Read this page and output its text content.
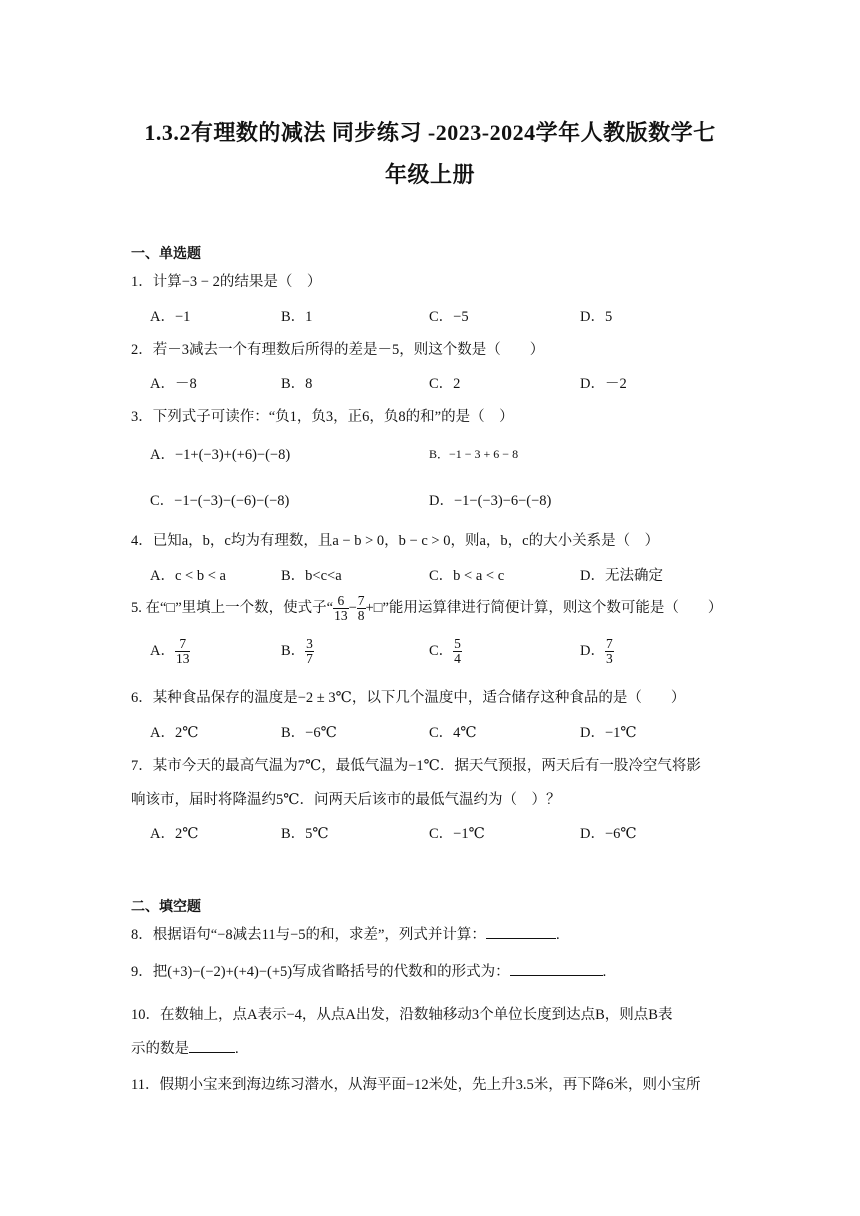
1.3.2有理数的减法 同步练习 -2023-2024学年人教版数学七
年级上册
一、单选题
1．计算−3 − 2的结果是（　）
A．−1	B．1	C．−5	D．5
2．若－3减去一个有理数后所得的差是－5，则这个数是（　　）
A．－8	B．8	C．2	D．－2
3．下列式子可读作：“负1，负3，正6，负8的和”的是（　）
A．−1+(−3)+(+6)−(−8)	B．−1 − 3 + 6 − 8
C．−1−(−3)−(−6)−(−8)	D．−1−(−3)−6−(−8)
4．已知a，b，c均为有理数，且a − b > 0，b − c > 0，则a，b，c的大小关系是（　）
A．c < b < a	B．b<c<a	C．b < a < c	D．无法确定
5. 在“□”里填上一个数，使式子“ $\frac{6}{13} - \frac{7}{8}$ +□”能用运算律进行简便计算，则这个数可能是（　　）
A． $\frac{7}{13}$	B． $\frac{3}{7}$	C． $\frac{5}{4}$	D． $\frac{7}{3}$
6．某种食品保存的温度是−2 ± 3℃，以下几个温度中，适合储存这种食品的是（　　）
A．2℃	B．−6℃	C．4℃	D．−1℃
7．某市今天的最高气温为7℃，最低气温为−1℃．据天气预报，两天后有一股冷空气将影
响该市，届时将降温约5℃．问两天后该市的最低气温约为（　）？
A．2℃	B．5℃	C．−1℃	D．−6℃
二、填空题
8．根据语句“−8减去11与−5的和，求差”，列式并计算：	.
9．把(+3)−(−2)+(+4)−(+5)写成省略括号的代数和的形式为：	.
10．在数轴上，点A表示−4，从点A出发，沿数轴移动3个单位长度到达点B，则点B表
示的数是	.
11．假期小宝来到海边练习潜水，从海平面−12米处，先上升3.5米，再下降6米，则小宝所
